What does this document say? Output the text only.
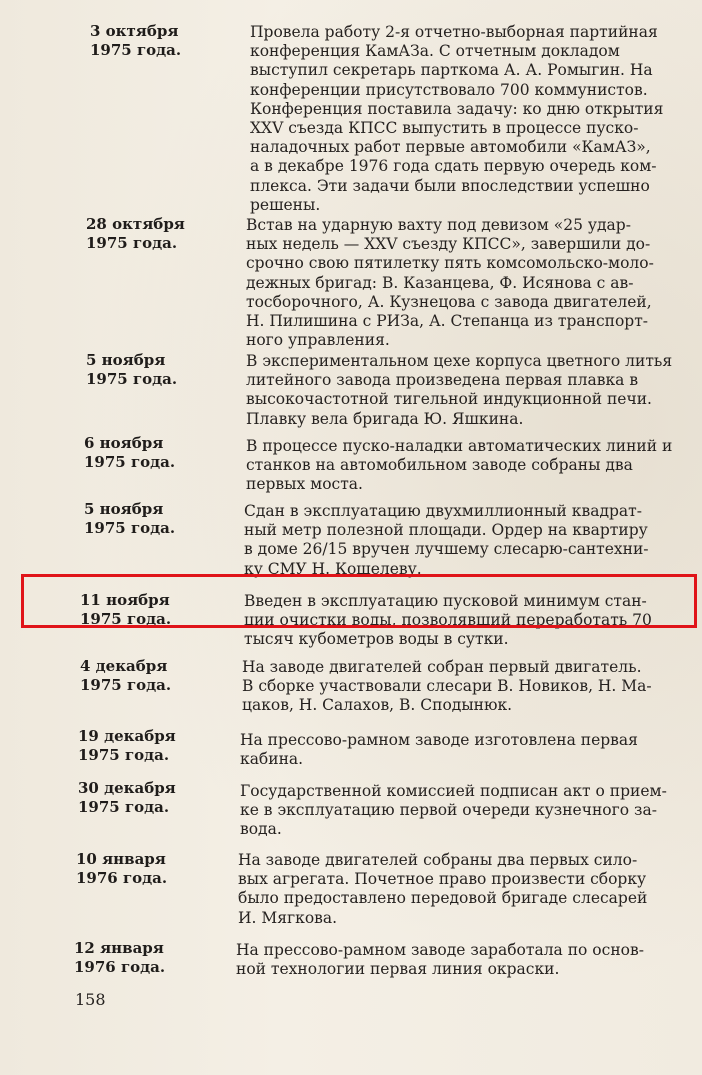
3 октября
1975 года.
Провела работу 2-я отчетно-выборная партийная
конференция КамАЗа. С отчетным докладом
выступил секретарь парткома А. А. Ромыгин. На
конференции присутствовало 700 коммунистов.
Конференция поставила задачу: ко дню открытия
XXV съезда КПСС выпустить в процессе пуско-
наладочных работ первые автомобили «КамАЗ»,
а в декабре 1976 года сдать первую очередь ком-
плекса. Эти задачи были впоследствии успешно
решены.
28 октября
1975 года.
Встав на ударную вахту под девизом «25 удар-
ных недель — XXV съезду КПСС», завершили до-
срочно свою пятилетку пять комсомольско-моло-
дежных бригад: В. Казанцева, Ф. Исянова с ав-
тосборочного, А. Кузнецова с завода двигателей,
Н. Пилишина с РИЗа, А. Степанца из транспорт-
ного управления.
5 ноября
1975 года.
В экспериментальном цехе корпуса цветного литья
литейного завода произведена первая плавка в
высокочастотной тигельной индукционной печи.
Плавку вела бригада Ю. Яшкина.
6 ноября
1975 года.
В процессе пуско-наладки автоматических линий и
станков на автомобильном заводе собраны два
первых моста.
5 ноября
1975 года.
Сдан в эксплуатацию двухмиллионный квадрат-
ный метр полезной площади. Ордер на квартиру
в доме 26/15 вручен лучшему слесарю-сантехни-
ку СМУ Н. Кошелеву.
11 ноября
1975 года.
Введен в эксплуатацию пусковой минимум стан-
ции очистки воды, позволявший переработать 70
тысяч кубометров воды в сутки.
4 декабря
1975 года.
На заводе двигателей собран первый двигатель.
В сборке участвовали слесари В. Новиков, Н. Ма-
цаков, Н. Салахов, В. Сподынюк.
19 декабря
1975 года.
На прессово-рамном заводе изготовлена первая
кабина.
30 декабря
1975 года.
Государственной комиссией подписан акт о прием-
ке в эксплуатацию первой очереди кузнечного за-
вода.
10 января
1976 года.
На заводе двигателей собраны два первых сило-
вых агрегата. Почетное право произвести сборку
было предоставлено передовой бригаде слесарей
И. Мягкова.
12 января
1976 года.
На прессово-рамном заводе заработала по основ-
ной технологии первая линия окраски.
158
